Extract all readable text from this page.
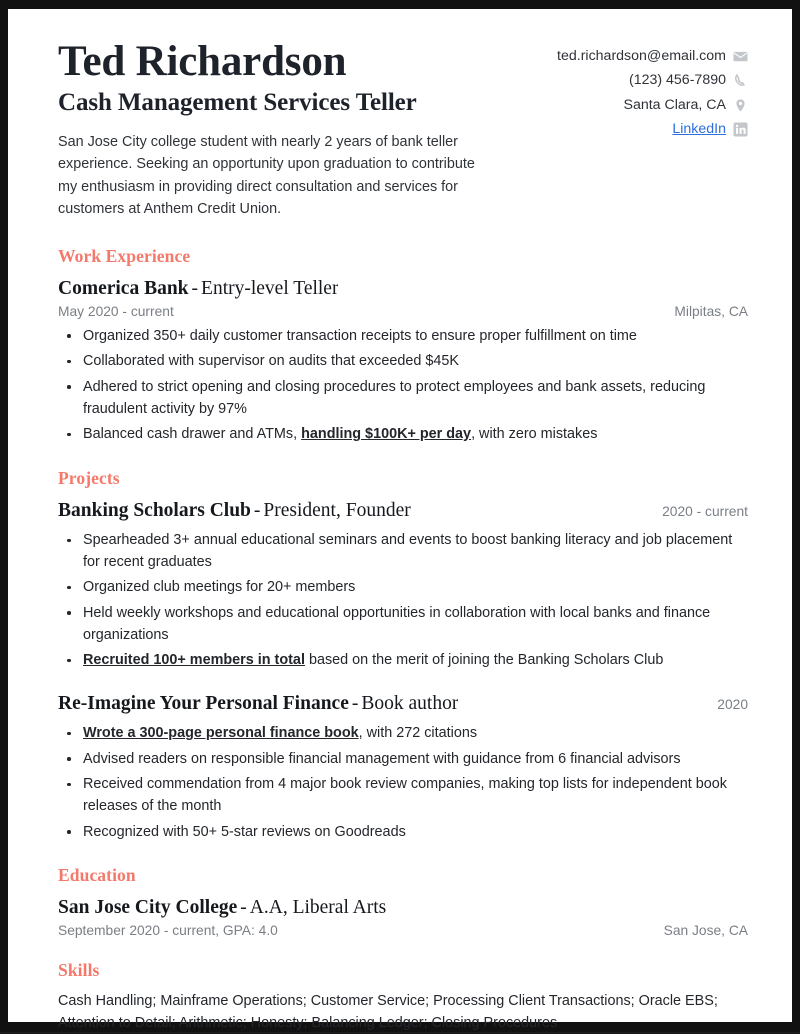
Ted Richardson
Cash Management Services Teller

San Jose City college student with nearly 2 years of bank teller experience. Seeking an opportunity upon graduation to contribute my enthusiasm in providing direct consultation and services for customers at Anthem Credit Union.

ted.richardson@email.com
(123) 456-7890
Santa Clara, CA
LinkedIn
Work Experience
Comerica Bank - Entry-level Teller
May 2020 - current	Milpitas, CA
Organized 350+ daily customer transaction receipts to ensure proper fulfillment on time
Collaborated with supervisor on audits that exceeded $45K
Adhered to strict opening and closing procedures to protect employees and bank assets, reducing fraudulent activity by 97%
Balanced cash drawer and ATMs, handling $100K+ per day, with zero mistakes
Projects
Banking Scholars Club - President, Founder	2020 - current
Spearheaded 3+ annual educational seminars and events to boost banking literacy and job placement for recent graduates
Organized club meetings for 20+ members
Held weekly workshops and educational opportunities in collaboration with local banks and finance organizations
Recruited 100+ members in total based on the merit of joining the Banking Scholars Club
Re-Imagine Your Personal Finance - Book author	2020
Wrote a 300-page personal finance book, with 272 citations
Advised readers on responsible financial management with guidance from 6 financial advisors
Received commendation from 4 major book review companies, making top lists for independent book releases of the month
Recognized with 50+ 5-star reviews on Goodreads
Education
San Jose City College - A.A, Liberal Arts
September 2020 - current, GPA: 4.0	San Jose, CA
Skills

Cash Handling; Mainframe Operations; Customer Service; Processing Client Transactions; Oracle EBS; Attention to Detail; Arithmetic; Honesty; Balancing Ledger; Closing Procedures
